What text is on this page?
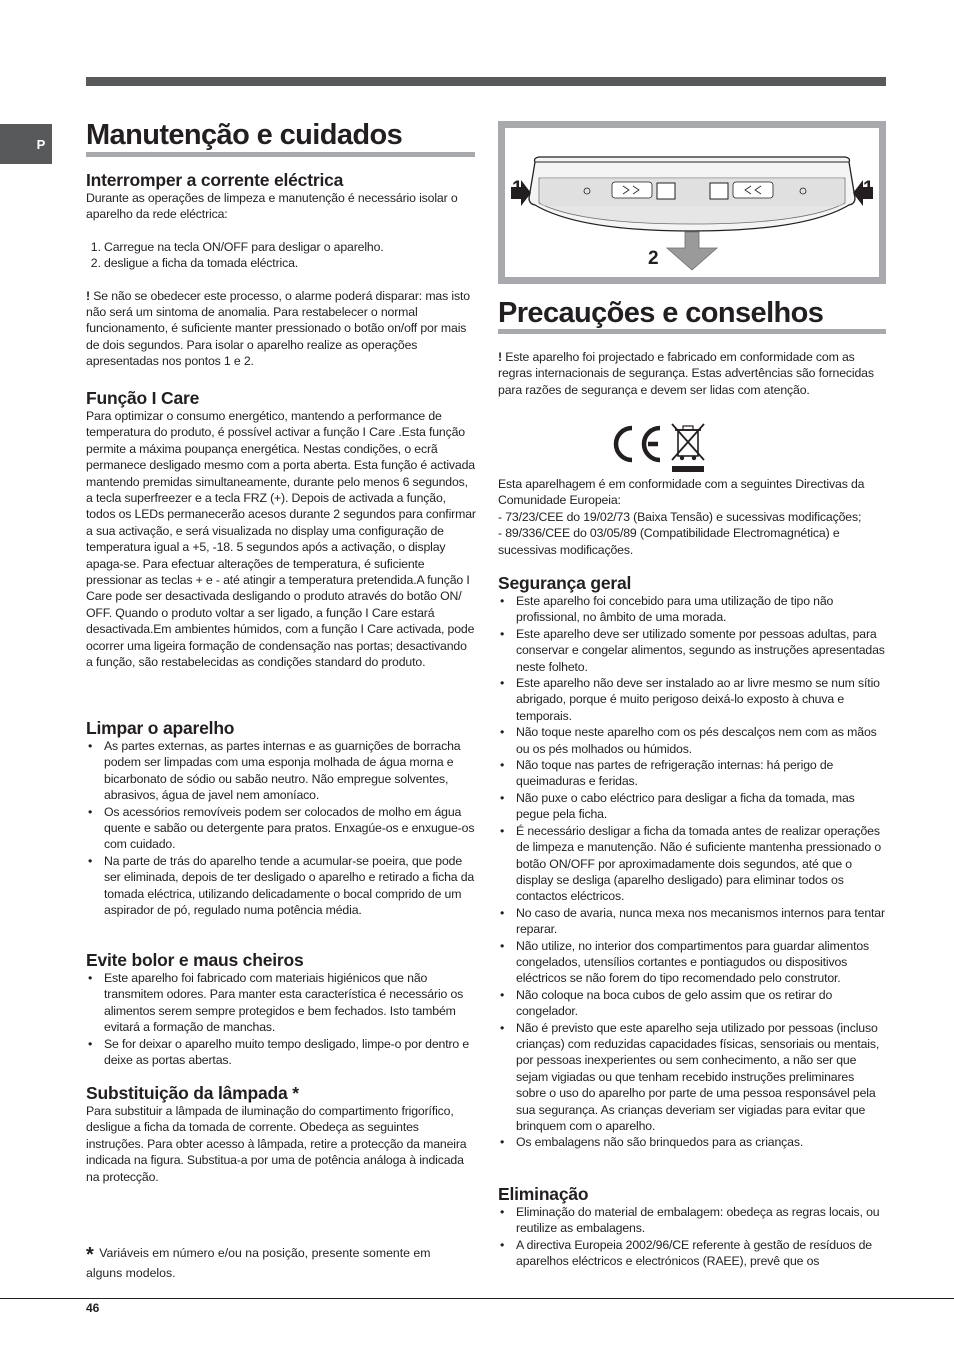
P Manutenção e cuidados
Interromper a corrente eléctrica

Durante as operações de limpeza e manutenção é necessário isolar o aparelho da rede eléctrica:

1. Carregue na tecla ON/OFF para desligar o aparelho.
2. desligue a ficha da tomada eléctrica.

! Se não se obedecer este processo, o alarme poderá disparar: mas isto não será um sintoma de anomalia. Para restabelecer o normal funcionamento, é suficiente manter pressionado o botão on/off por mais de dois segundos. Para isolar o aparelho realize as operações apresentadas nos pontos 1 e 2.

Função I Care

Para optimizar o consumo energético, mantendo a performance de temperatura do produto, é possível activar a função I Care .Esta função permite a máxima poupança energética. Nestas condições, o ecrã permanece desligado mesmo com a porta aberta. Esta função é activada mantendo premidas simultaneamente, durante pelo menos 6 segundos, a tecla superfreezer e a tecla FRZ (+). Depois de activada a função, todos os LEDs permanecerão acesos durante 2 segundos para confirmar a sua activação, e será visualizada no display uma configuração de temperatura igual a +5, -18. 5 segundos após a activação, o display apaga-se. Para efectuar alterações de temperatura, é suficiente pressionar as teclas + e - até atingir a temperatura pretendida.A função I Care pode ser desactivada desligando o produto através do botão ON/ OFF. Quando o produto voltar a ser ligado, a função I Care estará desactivada.Em ambientes húmidos, com a função I Care activada, pode ocorrer uma ligeira formação de condensação nas portas; desactivando a função, são restabelecidas as condições standard do produto.

Limpar o aparelho
• As partes externas, as partes internas e as guarnições de borracha podem ser limpadas com uma esponja molhada de água morna e bicarbonato de sódio ou sabão neutro. Não empregue solventes, abrasivos, água de javel nem amoníaco.
• Os acessórios removíveis podem ser colocados de molho em água quente e sabão ou detergente para pratos. Enxagúe-os e enxugue-os com cuidado.
• Na parte de trás do aparelho tende a acumular-se poeira, que pode ser eliminada, depois de ter desligado o aparelho e retirado a ficha da tomada eléctrica, utilizando delicadamente o bocal comprido de um aspirador de pó, regulado numa potência média.
Evite bolor e maus cheiros
• Este aparelho foi fabricado com materiais higiénicos que não transmitem odores. Para manter esta característica é necessário os alimentos serem sempre protegidos e bem fechados. Isto também evitará a formação de manchas.
• Se for deixar o aparelho muito tempo desligado, limpe-o por dentro e deixe as portas abertas.
Substituição da lâmpada *

Para substituir a lâmpada de iluminação do compartimento frigorífico, desligue a ficha da tomada de corrente. Obedeça as seguintes instruções. Para obter acesso à lâmpada, retire a protecção da maneira indicada na figura. Substitua-a por uma de potência análoga à indicada na protecção.

* Variáveis em número e/ou na posição, presente somente em alguns modelos.
1	1
2
Precauções e conselhos

! Este aparelho foi projectado e fabricado em conformidade com as regras internacionais de segurança. Estas advertências são fornecidas para razões de segurança e devem ser lidas com atenção.

Esta aparelhagem é em conformidade com a seguintes Directivas da Comunidade Europeia:

- 73/23/CEE do 19/02/73 (Baixa Tensão) e sucessivas modificações;

- 89/336/CEE do 03/05/89 (Compatibilidade Electromagnética) e sucessivas modificações.

Segurança geral
• Este aparelho foi concebido para uma utilização de tipo não profissional, no âmbito de uma morada.
• Este aparelho deve ser utilizado somente por pessoas adultas, para conservar e congelar alimentos, segundo as instruções apresentadas neste folheto.
• Este aparelho não deve ser instalado ao ar livre mesmo se num sítio abrigado, porque é muito perigoso deixá-lo exposto à chuva e temporais.
• Não toque neste aparelho com os pés descalços nem com as mãos ou os pés molhados ou húmidos.
• Não toque nas partes de refrigeração internas: há perigo de queimaduras e feridas.
• Não puxe o cabo eléctrico para desligar a ficha da tomada, mas pegue pela ficha.
• É necessário desligar a ficha da tomada antes de realizar operações de limpeza e manutenção. Não é suficiente mantenha pressionado o botão ON/OFF por aproximadamente dois segundos, até que o display se desliga (aparelho desligado) para eliminar todos os contactos eléctricos.
• No caso de avaria, nunca mexa nos mecanismos internos para tentar reparar.
• Não utilize, no interior dos compartimentos para guardar alimentos congelados, utensílios cortantes e pontiagudos ou dispositivos eléctricos se não forem do tipo recomendado pelo construtor.
• Não coloque na boca cubos de gelo assim que os retirar do congelador.
• Não é previsto que este aparelho seja utilizado por pessoas (incluso crianças) com reduzidas capacidades físicas, sensoriais ou mentais, por pessoas inexperientes ou sem conhecimento, a não ser que sejam vigiadas ou que tenham recebido instruções preliminares sobre o uso do aparelho por parte de uma pessoa responsável pela sua segurança. As crianças deveriam ser vigiadas para evitar que brinquem com o aparelho.
• Os embalagens não são brinquedos para as crianças.
Eliminação
• Eliminação do material de embalagem: obedeça as regras locais, ou reutilize as embalagens.
• A directiva Europeia 2002/96/CE referente à gestão de resíduos de aparelhos eléctricos e electrónicos (RAEE), prevê que os
46
